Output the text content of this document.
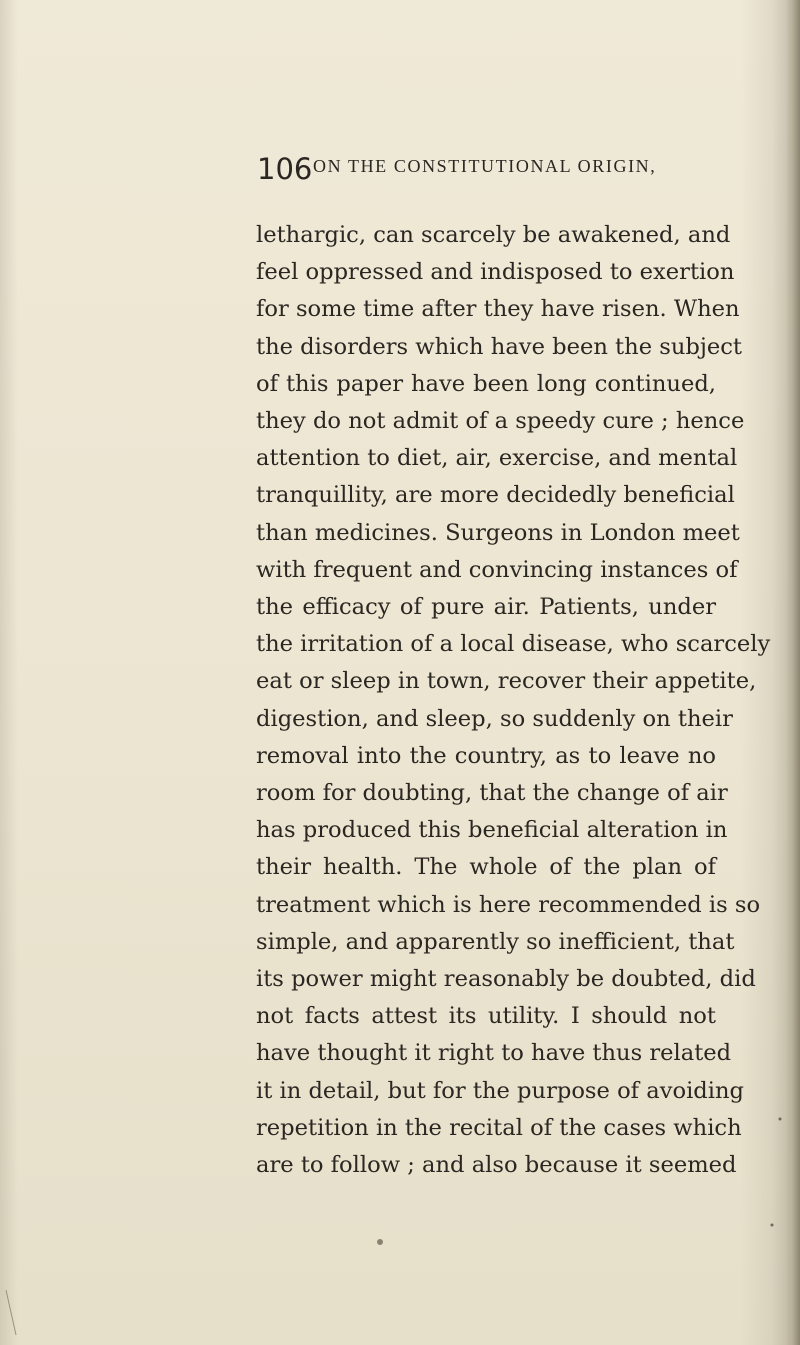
106 ON THE CONSTITUTIONAL ORIGIN,
lethargic, can scarcely be awakened, and
feel oppressed and indisposed to exertion
for some time after they have risen. When
the disorders which have been the subject
of this paper have been long continued,
they do not admit of a speedy cure ; hence
attention to diet, air, exercise, and mental
tranquillity, are more decidedly beneficial
than medicines. Surgeons in London meet
with frequent and convincing instances of
the efficacy of pure air. Patients, under
the irritation of a local disease, who scarcely
eat or sleep in town, recover their appetite,
digestion, and sleep, so suddenly on their
removal into the country, as to leave no
room for doubting, that the change of air
has produced this beneficial alteration in
their health. The whole of the plan of
treatment which is here recommended is so
simple, and apparently so inefficient, that
its power might reasonably be doubted, did
not facts attest its utility. I should not
have thought it right to have thus related
it in detail, but for the purpose of avoiding
repetition in the recital of the cases which
are to follow ; and also because it seemed
